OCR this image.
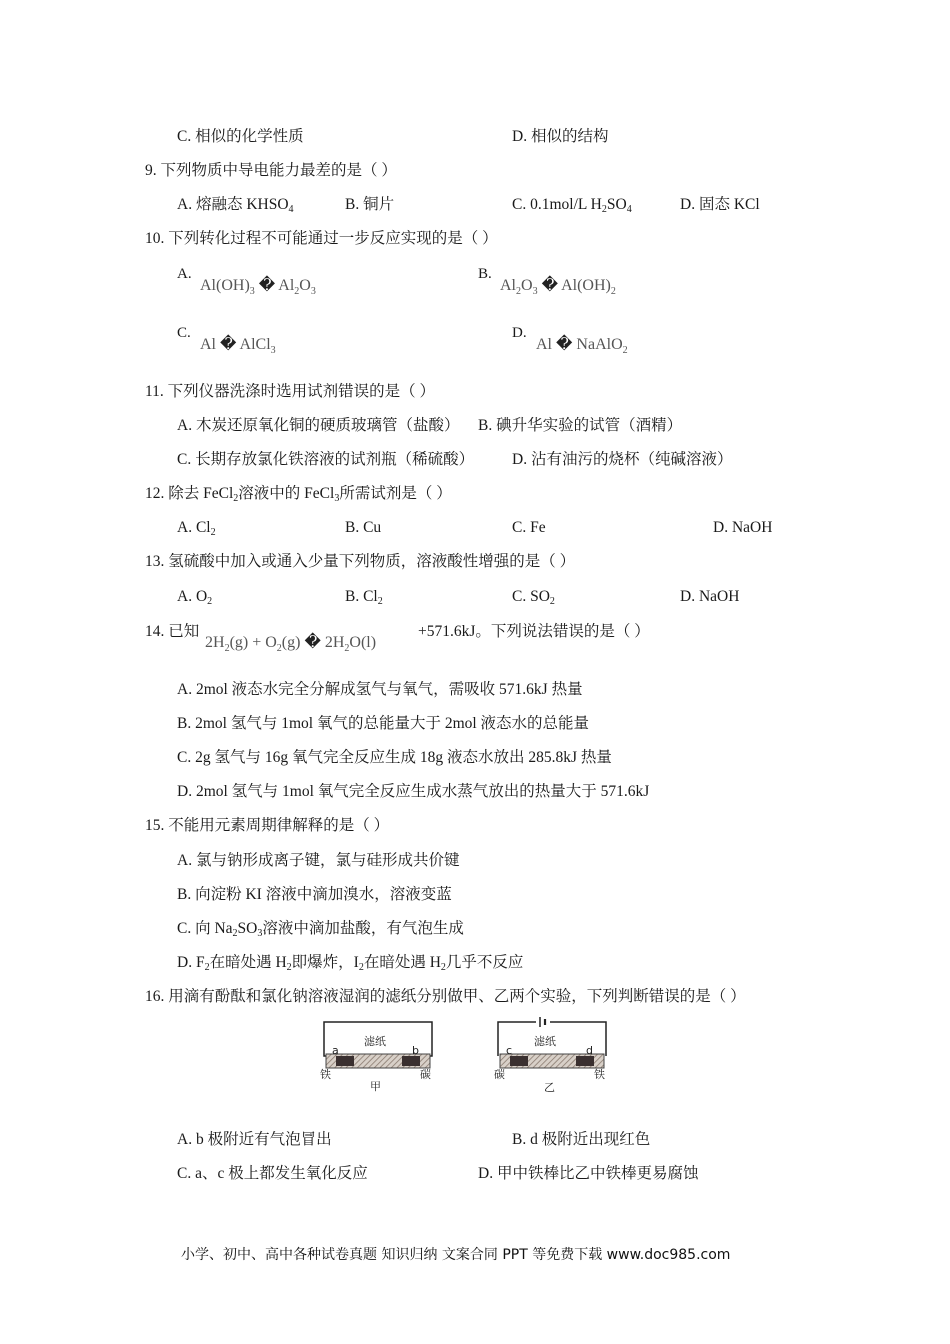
C. 相似的化学性质	D. 相似的结构
9. 下列物质中导电能力最差的是（ ）
A. 熔融态 $KHSO_4$	B. 铜片	C. 0.1mol/L $H_2SO_4$	D. 固态 KCl
10. 下列转化过程不可能通过一步反应实现的是（ ）
A.
$Al(OH)_3$ � $Al_2O_3$
B.
$Al_2O_3$ � $Al(OH)_2$
C.
Al � AlCl$_3$
D.
Al � NaAlO$_2$
11. 下列仪器洗涤时选用试剂错误的是（ ）
A. 木炭还原氧化铜的硬质玻璃管（盐酸） B. 碘升华实验的试管（酒精）
C. 长期存放氯化铁溶液的试剂瓶（稀硫酸） D. 沾有油污的烧杯（纯碱溶液）
12. 除去 FeCl$_2$溶液中的 FeCl$_3$所需试剂是（ ）
A. $Cl_2$	B. Cu	C. Fe	D. NaOH
13. 氢硫酸中加入或通入少量下列物质，溶液酸性增强的是（ ）
A. $O_2$	B. $Cl_2$	C. $SO_2$	D. NaOH
14. 已知
$2H_2(g) + O_2(g)$ � $2H_2O(l)$
+571.6kJ。下列说法错误的是（ ）
A. 2mol 液态水完全分解成氢气与氧气，需吸收 571.6kJ 热量
B. 2mol 氢气与 1mol 氧气的总能量大于 2mol 液态水的总能量
C. 2g 氢气与 16g 氧气完全反应生成 18g 液态水放出 285.8kJ 热量
D. 2mol 氢气与 1mol 氧气完全反应生成水蒸气放出的热量大于 571.6kJ
15. 不能用元素周期律解释的是（ ）
A. 氯与钠形成离子键，氯与硅形成共价键
B. 向淀粉 KI 溶液中滴加溴水，溶液变蓝
C. 向 $Na_2SO_3$溶液中滴加盐酸，有气泡生成
D. $F_2$在暗处遇 $H_2$即爆炸，$I_2$在暗处遇 $H_2$几乎不反应
16. 用滴有酚酞和氯化钠溶液湿润的滤纸分别做甲、乙两个实验，下列判断错误的是（ ）
滤纸
a	b
铁	碳
甲
滤纸
c	d
碳	铁
乙
A. b 极附近有气泡冒出	B. d 极附近出现红色
C. a、c 极上都发生氧化反应	D. 甲中铁棒比乙中铁棒更易腐蚀
小学、初中、高中各种试卷真题 知识归纳 文案合同 PPT 等免费下载 www.doc985.com
